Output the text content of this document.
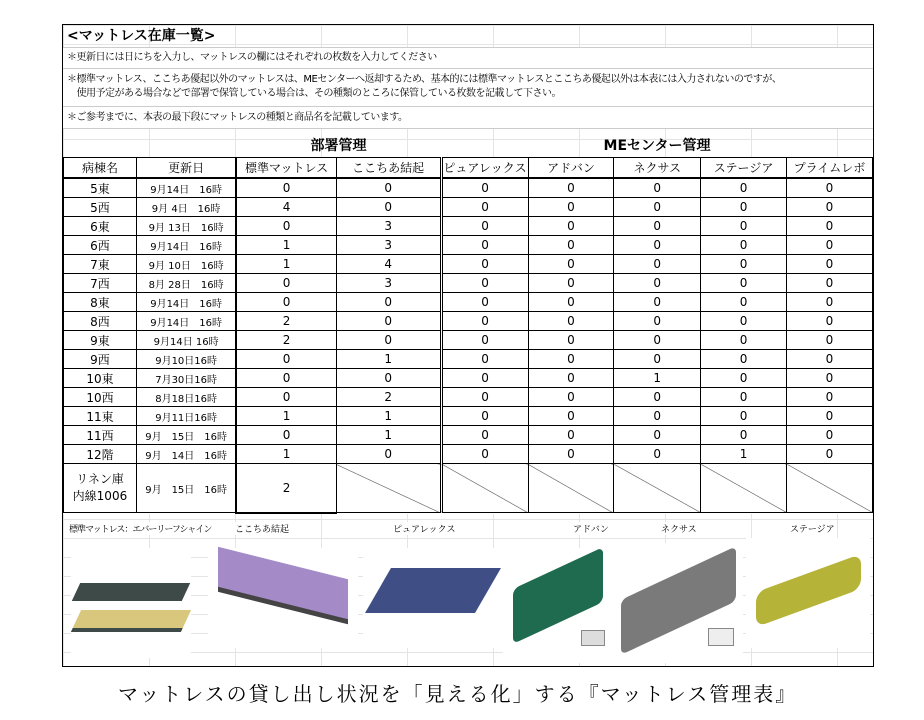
<マットレス在庫一覧>
＊更新日には日にちを入力し、マットレスの欄にはそれぞれの枚数を入力してください
＊標準マットレス、ここちあ優起以外のマットレスは、MEセンターへ返却するため、基本的には標準マットレスとここちあ優起以外は本表には入力されないのですが、
　使用予定がある場合などで部署で保管している場合は、その種類のところに保管している枚数を記載して下さい。
＊ご参考までに、本表の最下段にマットレスの種類と商品名を記載しています。
部署管理	MEセンター管理
病棟名	更新日	標準マットレス	ここちあ結起	ピュアレックス	アドバン	ネクサス	ステージア	プライムレボ
5東	9月14日　16時	0	0	0	0	0	0	0
5西	9月 4日　16時	4	0	0	0	0	0	0
6東	9月 13日　16時	0	3	0	0	0	0	0
6西	9月14日　16時	1	3	0	0	0	0	0
7東	9月 10日　16時	1	4	0	0	0	0	0
7西	8月 28日　16時	0	3	0	0	0	0	0
8東	9月14日　16時	0	0	0	0	0	0	0
8西	9月14日　16時	2	0	0	0	0	0	0
9東	9月14日 16時	2	0	0	0	0	0	0
9西	9月10日16時	0	1	0	0	0	0	0
10東	7月30日16時	0	0	0	0	1	0	0
10西	8月18日16時	0	2	0	0	0	0	0
11東	9月11日16時	1	1	0	0	0	0	0
11西	9月　15日　16時	0	1	0	0	0	0	0
12階	9月　14日　16時	1	0	0	0	0	1	0

リネン庫
内線1006	9月　15日　16時	2						
標準マットレス：エバーリーフシャイン	ここちあ結起	ピュアレックス	アドバン	ネクサス	ステージア
マットレスの貸し出し状況を「見える化」する『マットレス管理表』
